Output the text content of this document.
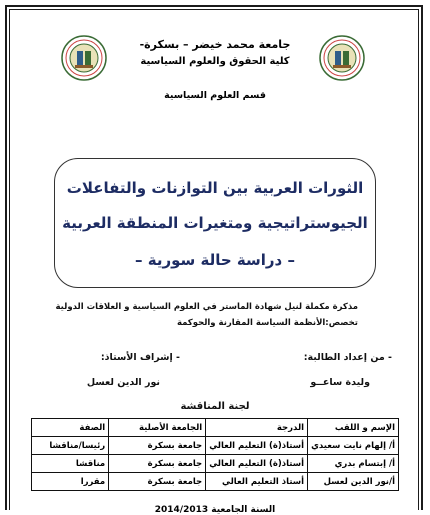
جامعة محمد خيضر – بسكرة-
كلية الحقوق والعلوم السياسية
قسم العلوم السياسية
الثورات العربية بين التوازنات والتفاعلات
الجيوستراتيجية ومتغيرات المنطقة العربية
– دراسة حالة سورية –
مذكرة مكملة لنيل شهادة الماستر في العلوم السياسية و العلاقات الدولية
تخصص:الأنظمة السياسة المقارنة والحوكمة
- من إعداد الطالبة:
وليدة ساعــو
- إشراف الأستاذ:
نور الدين لعسل
لجنة المناقشة
الإسم و اللقب	الدرجة	الجامعة الأصلية	الصفة
أ/ إلهام نايت سعيدي	أستاذ(ة) التعليم العالي	جامعة بسكرة	رئيسا/مناقشا
أ/ إبتسام بدري	أستاذ(ة) التعليم العالي	جامعة بسكرة	مناقشا
أ/نور الدين لعسل	أستاذ التعليم العالي	جامعة بسكرة	مقررا
السنة الجامعية 2014/2013
